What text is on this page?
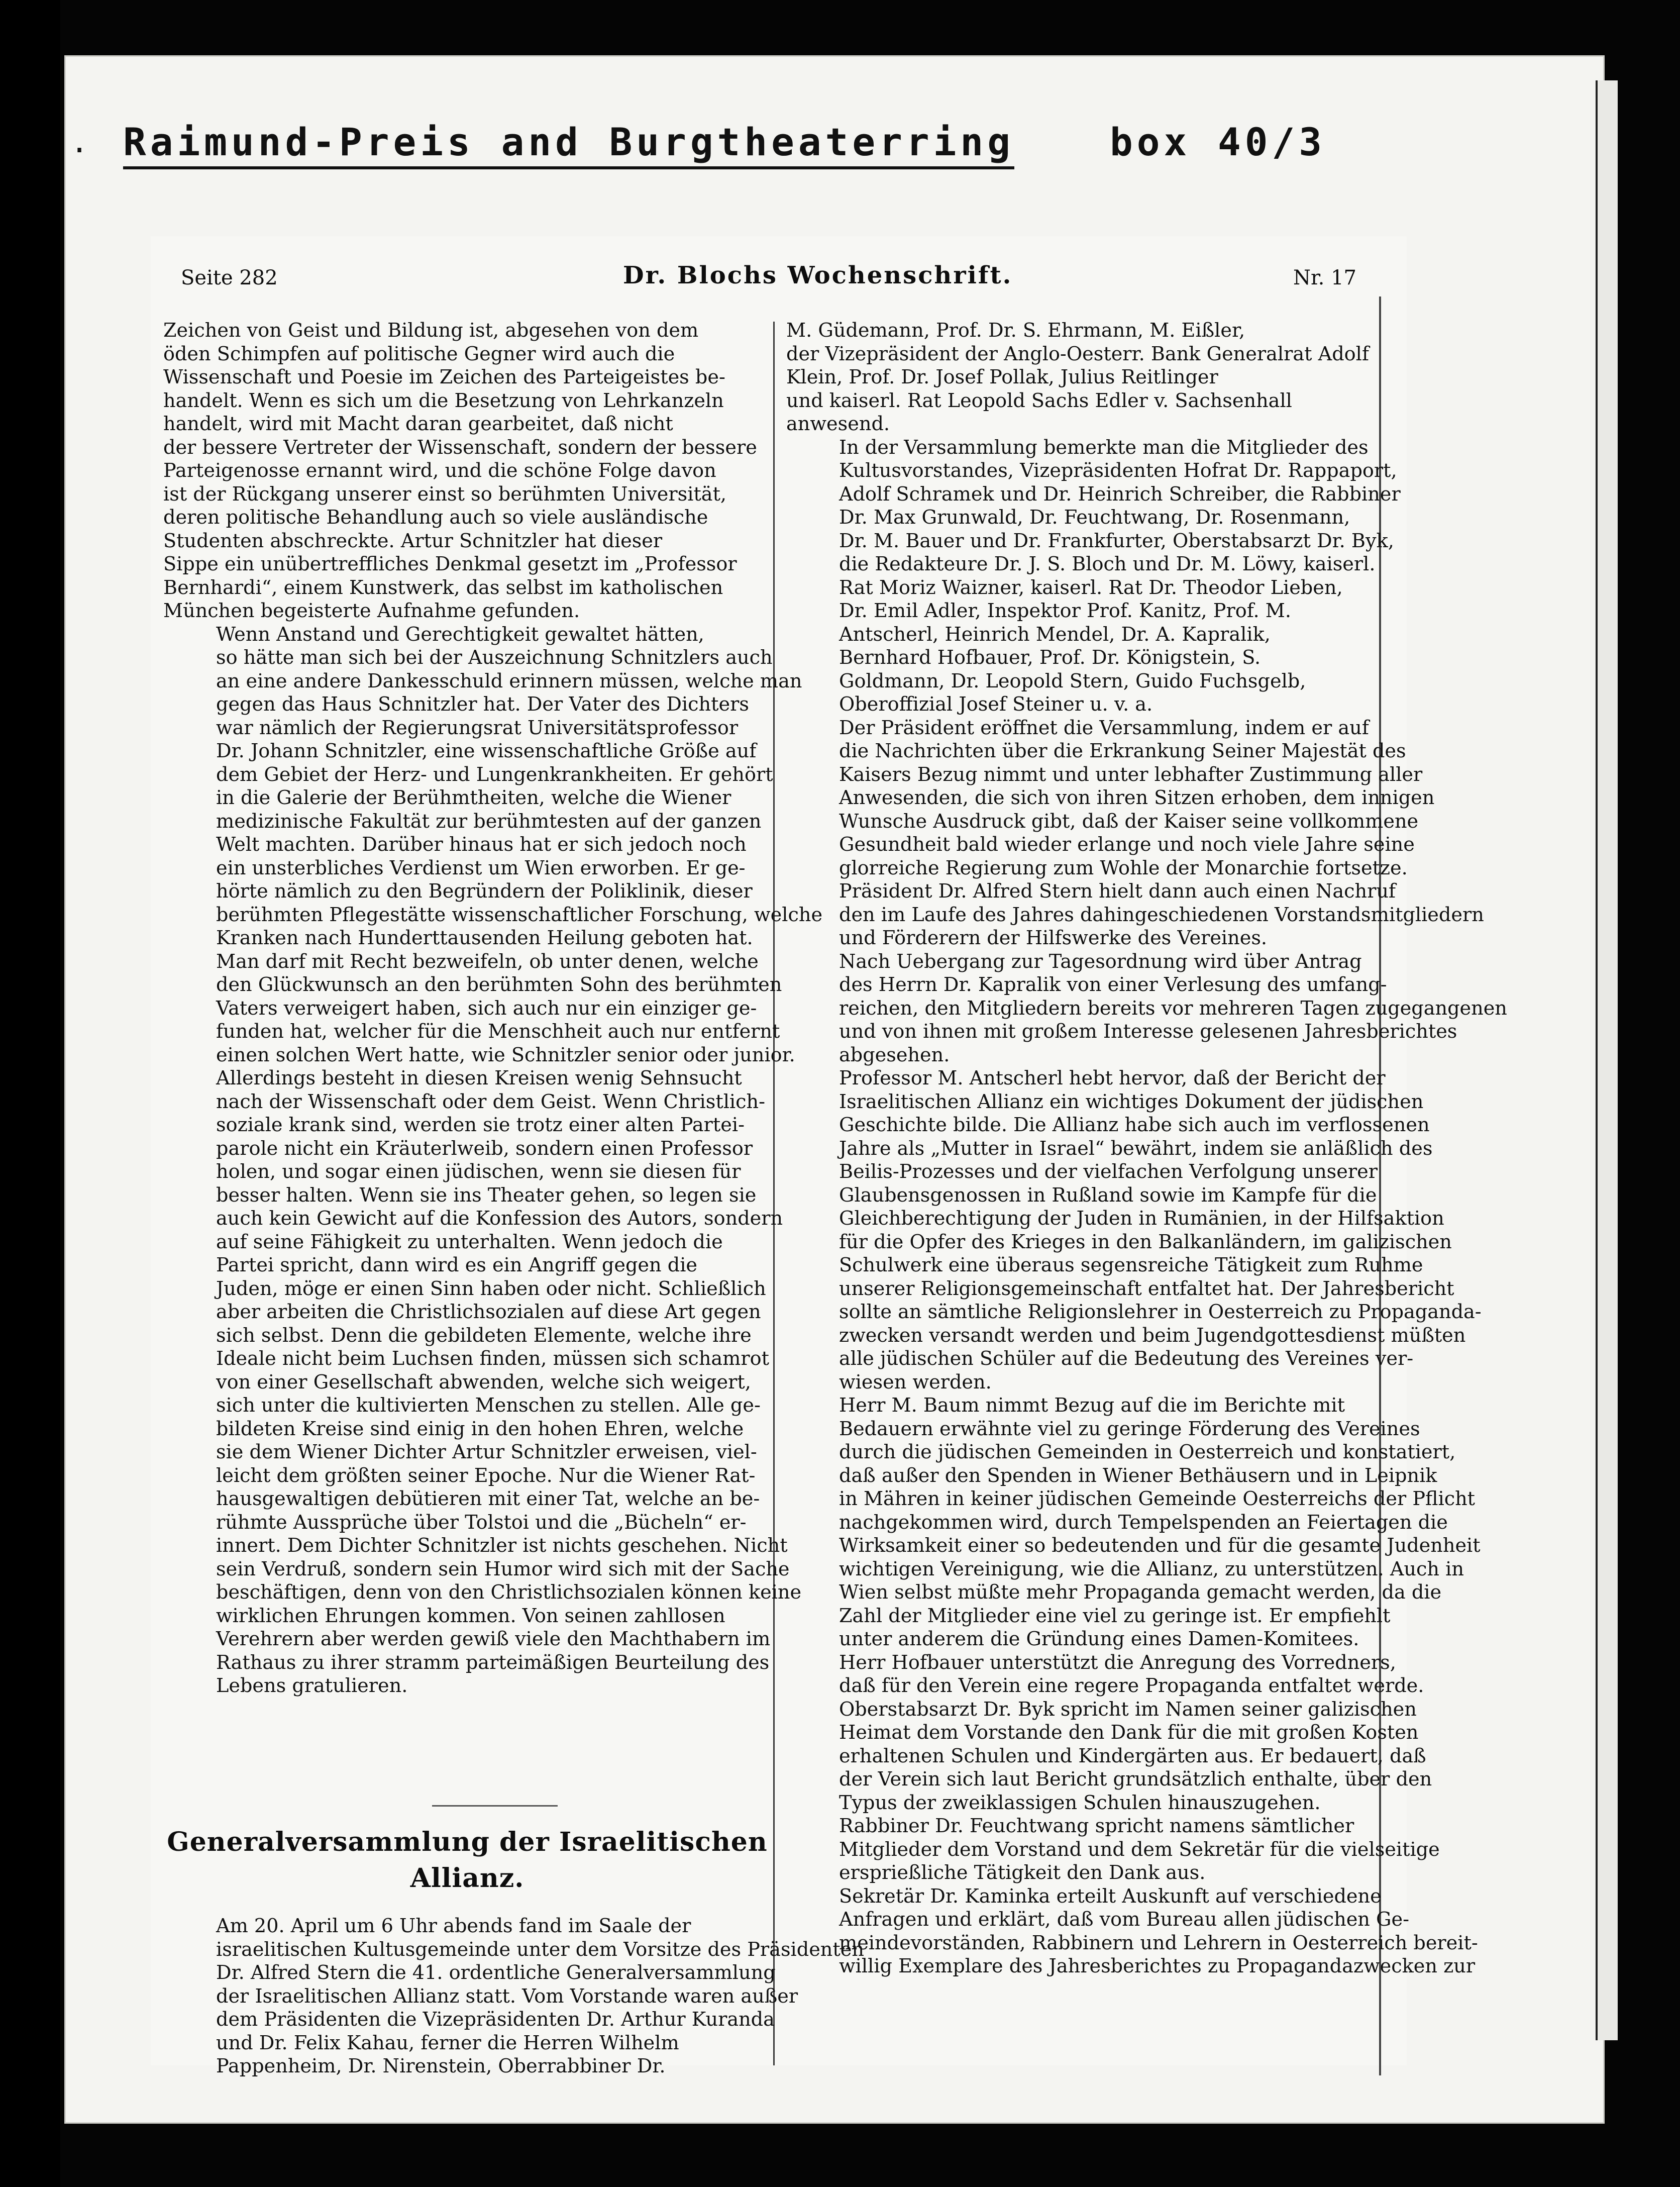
. Raimund-Preis and Burgtheaterring	box 40/3
Seite 282	Dr. Blochs Wochenschrift.	Nr. 17

Zeichen von Geist und Bildung ist, abgesehen von dem
öden Schimpfen auf politische Gegner wird auch die
Wissenschaft und Poesie im Zeichen des Parteigeistes be-
handelt. Wenn es sich um die Besetzung von Lehrkanzeln
handelt, wird mit Macht daran gearbeitet, daß nicht
der bessere Vertreter der Wissenschaft, sondern der bessere
Parteigenosse ernannt wird, und die schöne Folge davon
ist der Rückgang unserer einst so berühmten Universität,
deren politische Behandlung auch so viele ausländische
Studenten abschreckte. Artur Schnitzler hat dieser
Sippe ein unübertreffliches Denkmal gesetzt im „Professor
Bernhardi“, einem Kunstwerk, das selbst im katholischen
München begeisterte Aufnahme gefunden.

Wenn Anstand und Gerechtigkeit gewaltet hätten,
so hätte man sich bei der Auszeichnung Schnitzlers auch
an eine andere Dankesschuld erinnern müssen, welche man
gegen das Haus Schnitzler hat. Der Vater des Dichters
war nämlich der Regierungsrat Universitätsprofessor
Dr. Johann Schnitzler, eine wissenschaftliche Größe auf
dem Gebiet der Herz- und Lungenkrankheiten. Er gehört
in die Galerie der Berühmtheiten, welche die Wiener
medizinische Fakultät zur berühmtesten auf der ganzen
Welt machten. Darüber hinaus hat er sich jedoch noch
ein unsterbliches Verdienst um Wien erworben. Er ge-
hörte nämlich zu den Begründern der Poliklinik, dieser
berühmten Pflegestätte wissenschaftlicher Forschung, welche
Kranken nach Hunderttausenden Heilung geboten hat.
Man darf mit Recht bezweifeln, ob unter denen, welche
den Glückwunsch an den berühmten Sohn des berühmten
Vaters verweigert haben, sich auch nur ein einziger ge-
funden hat, welcher für die Menschheit auch nur entfernt
einen solchen Wert hatte, wie Schnitzler senior oder junior.
Allerdings besteht in diesen Kreisen wenig Sehnsucht
nach der Wissenschaft oder dem Geist. Wenn Christlich-
soziale krank sind, werden sie trotz einer alten Partei-
parole nicht ein Kräuterlweib, sondern einen Professor
holen, und sogar einen jüdischen, wenn sie diesen für
besser halten. Wenn sie ins Theater gehen, so legen sie
auch kein Gewicht auf die Konfession des Autors, sondern
auf seine Fähigkeit zu unterhalten. Wenn jedoch die
Partei spricht, dann wird es ein Angriff gegen die
Juden, möge er einen Sinn haben oder nicht. Schließlich
aber arbeiten die Christlichsozialen auf diese Art gegen
sich selbst. Denn die gebildeten Elemente, welche ihre
Ideale nicht beim Luchsen finden, müssen sich schamrot
von einer Gesellschaft abwenden, welche sich weigert,
sich unter die kultivierten Menschen zu stellen. Alle ge-
bildeten Kreise sind einig in den hohen Ehren, welche
sie dem Wiener Dichter Artur Schnitzler erweisen, viel-
leicht dem größten seiner Epoche. Nur die Wiener Rat-
hausgewaltigen debütieren mit einer Tat, welche an be-
rühmte Aussprüche über Tolstoi und die „Bücheln“ er-
innert. Dem Dichter Schnitzler ist nichts geschehen. Nicht
sein Verdruß, sondern sein Humor wird sich mit der Sache
beschäftigen, denn von den Christlichsozialen können keine
wirklichen Ehrungen kommen. Von seinen zahllosen
Verehrern aber werden gewiß viele den Machthabern im
Rathaus zu ihrer stramm parteimäßigen Beurteilung des
Lebens gratulieren.

Generalversammlung der Israelitischen
Allianz.

Am 20. April um 6 Uhr abends fand im Saale der
israelitischen Kultusgemeinde unter dem Vorsitze des Präsidenten
Dr. Alfred Stern die 41. ordentliche Generalversammlung
der Israelitischen Allianz statt. Vom Vorstande waren außer
dem Präsidenten die Vizepräsidenten Dr. Arthur Kuranda
und Dr. Felix Kahau, ferner die Herren Wilhelm
Pappenheim, Dr. Nirenstein, Oberrabbiner Dr.

M. Güdemann, Prof. Dr. S. Ehrmann, M. Eißler,
der Vizepräsident der Anglo-Oesterr. Bank Generalrat Adolf
Klein, Prof. Dr. Josef Pollak, Julius Reitlinger
und kaiserl. Rat Leopold Sachs Edler v. Sachsenhall
anwesend.

In der Versammlung bemerkte man die Mitglieder des
Kultusvorstandes, Vizepräsidenten Hofrat Dr. Rappaport,
Adolf Schramek und Dr. Heinrich Schreiber, die Rabbiner
Dr. Max Grunwald, Dr. Feuchtwang, Dr. Rosenmann,
Dr. M. Bauer und Dr. Frankfurter, Oberstabsarzt Dr. Byk,
die Redakteure Dr. J. S. Bloch und Dr. M. Löwy, kaiserl.
Rat Moriz Waizner, kaiserl. Rat Dr. Theodor Lieben,
Dr. Emil Adler, Inspektor Prof. Kanitz, Prof. M.
Antscherl, Heinrich Mendel, Dr. A. Kapralik,
Bernhard Hofbauer, Prof. Dr. Königstein, S.
Goldmann, Dr. Leopold Stern, Guido Fuchsgelb,
Oberoffizial Josef Steiner u. v. a.

Der Präsident eröffnet die Versammlung, indem er auf
die Nachrichten über die Erkrankung Seiner Majestät des
Kaisers Bezug nimmt und unter lebhafter Zustimmung aller
Anwesenden, die sich von ihren Sitzen erhoben, dem innigen
Wunsche Ausdruck gibt, daß der Kaiser seine vollkommene
Gesundheit bald wieder erlange und noch viele Jahre seine
glorreiche Regierung zum Wohle der Monarchie fortsetze.

Präsident Dr. Alfred Stern hielt dann auch einen Nachruf
den im Laufe des Jahres dahingeschiedenen Vorstandsmitgliedern
und Förderern der Hilfswerke des Vereines.

Nach Uebergang zur Tagesordnung wird über Antrag
des Herrn Dr. Kapralik von einer Verlesung des umfang-
reichen, den Mitgliedern bereits vor mehreren Tagen zugegangenen
und von ihnen mit großem Interesse gelesenen Jahresberichtes
abgesehen.

Professor M. Antscherl hebt hervor, daß der Bericht der
Israelitischen Allianz ein wichtiges Dokument der jüdischen
Geschichte bilde. Die Allianz habe sich auch im verflossenen
Jahre als „Mutter in Israel“ bewährt, indem sie anläßlich des
Beilis-Prozesses und der vielfachen Verfolgung unserer
Glaubensgenossen in Rußland sowie im Kampfe für die
Gleichberechtigung der Juden in Rumänien, in der Hilfsaktion
für die Opfer des Krieges in den Balkanländern, im galizischen
Schulwerk eine überaus segensreiche Tätigkeit zum Ruhme
unserer Religionsgemeinschaft entfaltet hat. Der Jahresbericht
sollte an sämtliche Religionslehrer in Oesterreich zu Propaganda-
zwecken versandt werden und beim Jugendgottesdienst müßten
alle jüdischen Schüler auf die Bedeutung des Vereines ver-
wiesen werden.

Herr M. Baum nimmt Bezug auf die im Berichte mit
Bedauern erwähnte viel zu geringe Förderung des Vereines
durch die jüdischen Gemeinden in Oesterreich und konstatiert,
daß außer den Spenden in Wiener Bethäusern und in Leipnik
in Mähren in keiner jüdischen Gemeinde Oesterreichs der Pflicht
nachgekommen wird, durch Tempelspenden an Feiertagen die
Wirksamkeit einer so bedeutenden und für die gesamte Judenheit
wichtigen Vereinigung, wie die Allianz, zu unterstützen. Auch in
Wien selbst müßte mehr Propaganda gemacht werden, da die
Zahl der Mitglieder eine viel zu geringe ist. Er empfiehlt
unter anderem die Gründung eines Damen-Komitees.

Herr Hofbauer unterstützt die Anregung des Vorredners,
daß für den Verein eine regere Propaganda entfaltet werde.

Oberstabsarzt Dr. Byk spricht im Namen seiner galizischen
Heimat dem Vorstande den Dank für die mit großen Kosten
erhaltenen Schulen und Kindergärten aus. Er bedauert, daß
der Verein sich laut Bericht grundsätzlich enthalte, über den
Typus der zweiklassigen Schulen hinauszugehen.

Rabbiner Dr. Feuchtwang spricht namens sämtlicher
Mitglieder dem Vorstand und dem Sekretär für die vielseitige
ersprießliche Tätigkeit den Dank aus.

Sekretär Dr. Kaminka erteilt Auskunft auf verschiedene
Anfragen und erklärt, daß vom Bureau allen jüdischen Ge-
meindevorständen, Rabbinern und Lehrern in Oesterreich bereit-
willig Exemplare des Jahresberichtes zu Propagandazwecken zur
